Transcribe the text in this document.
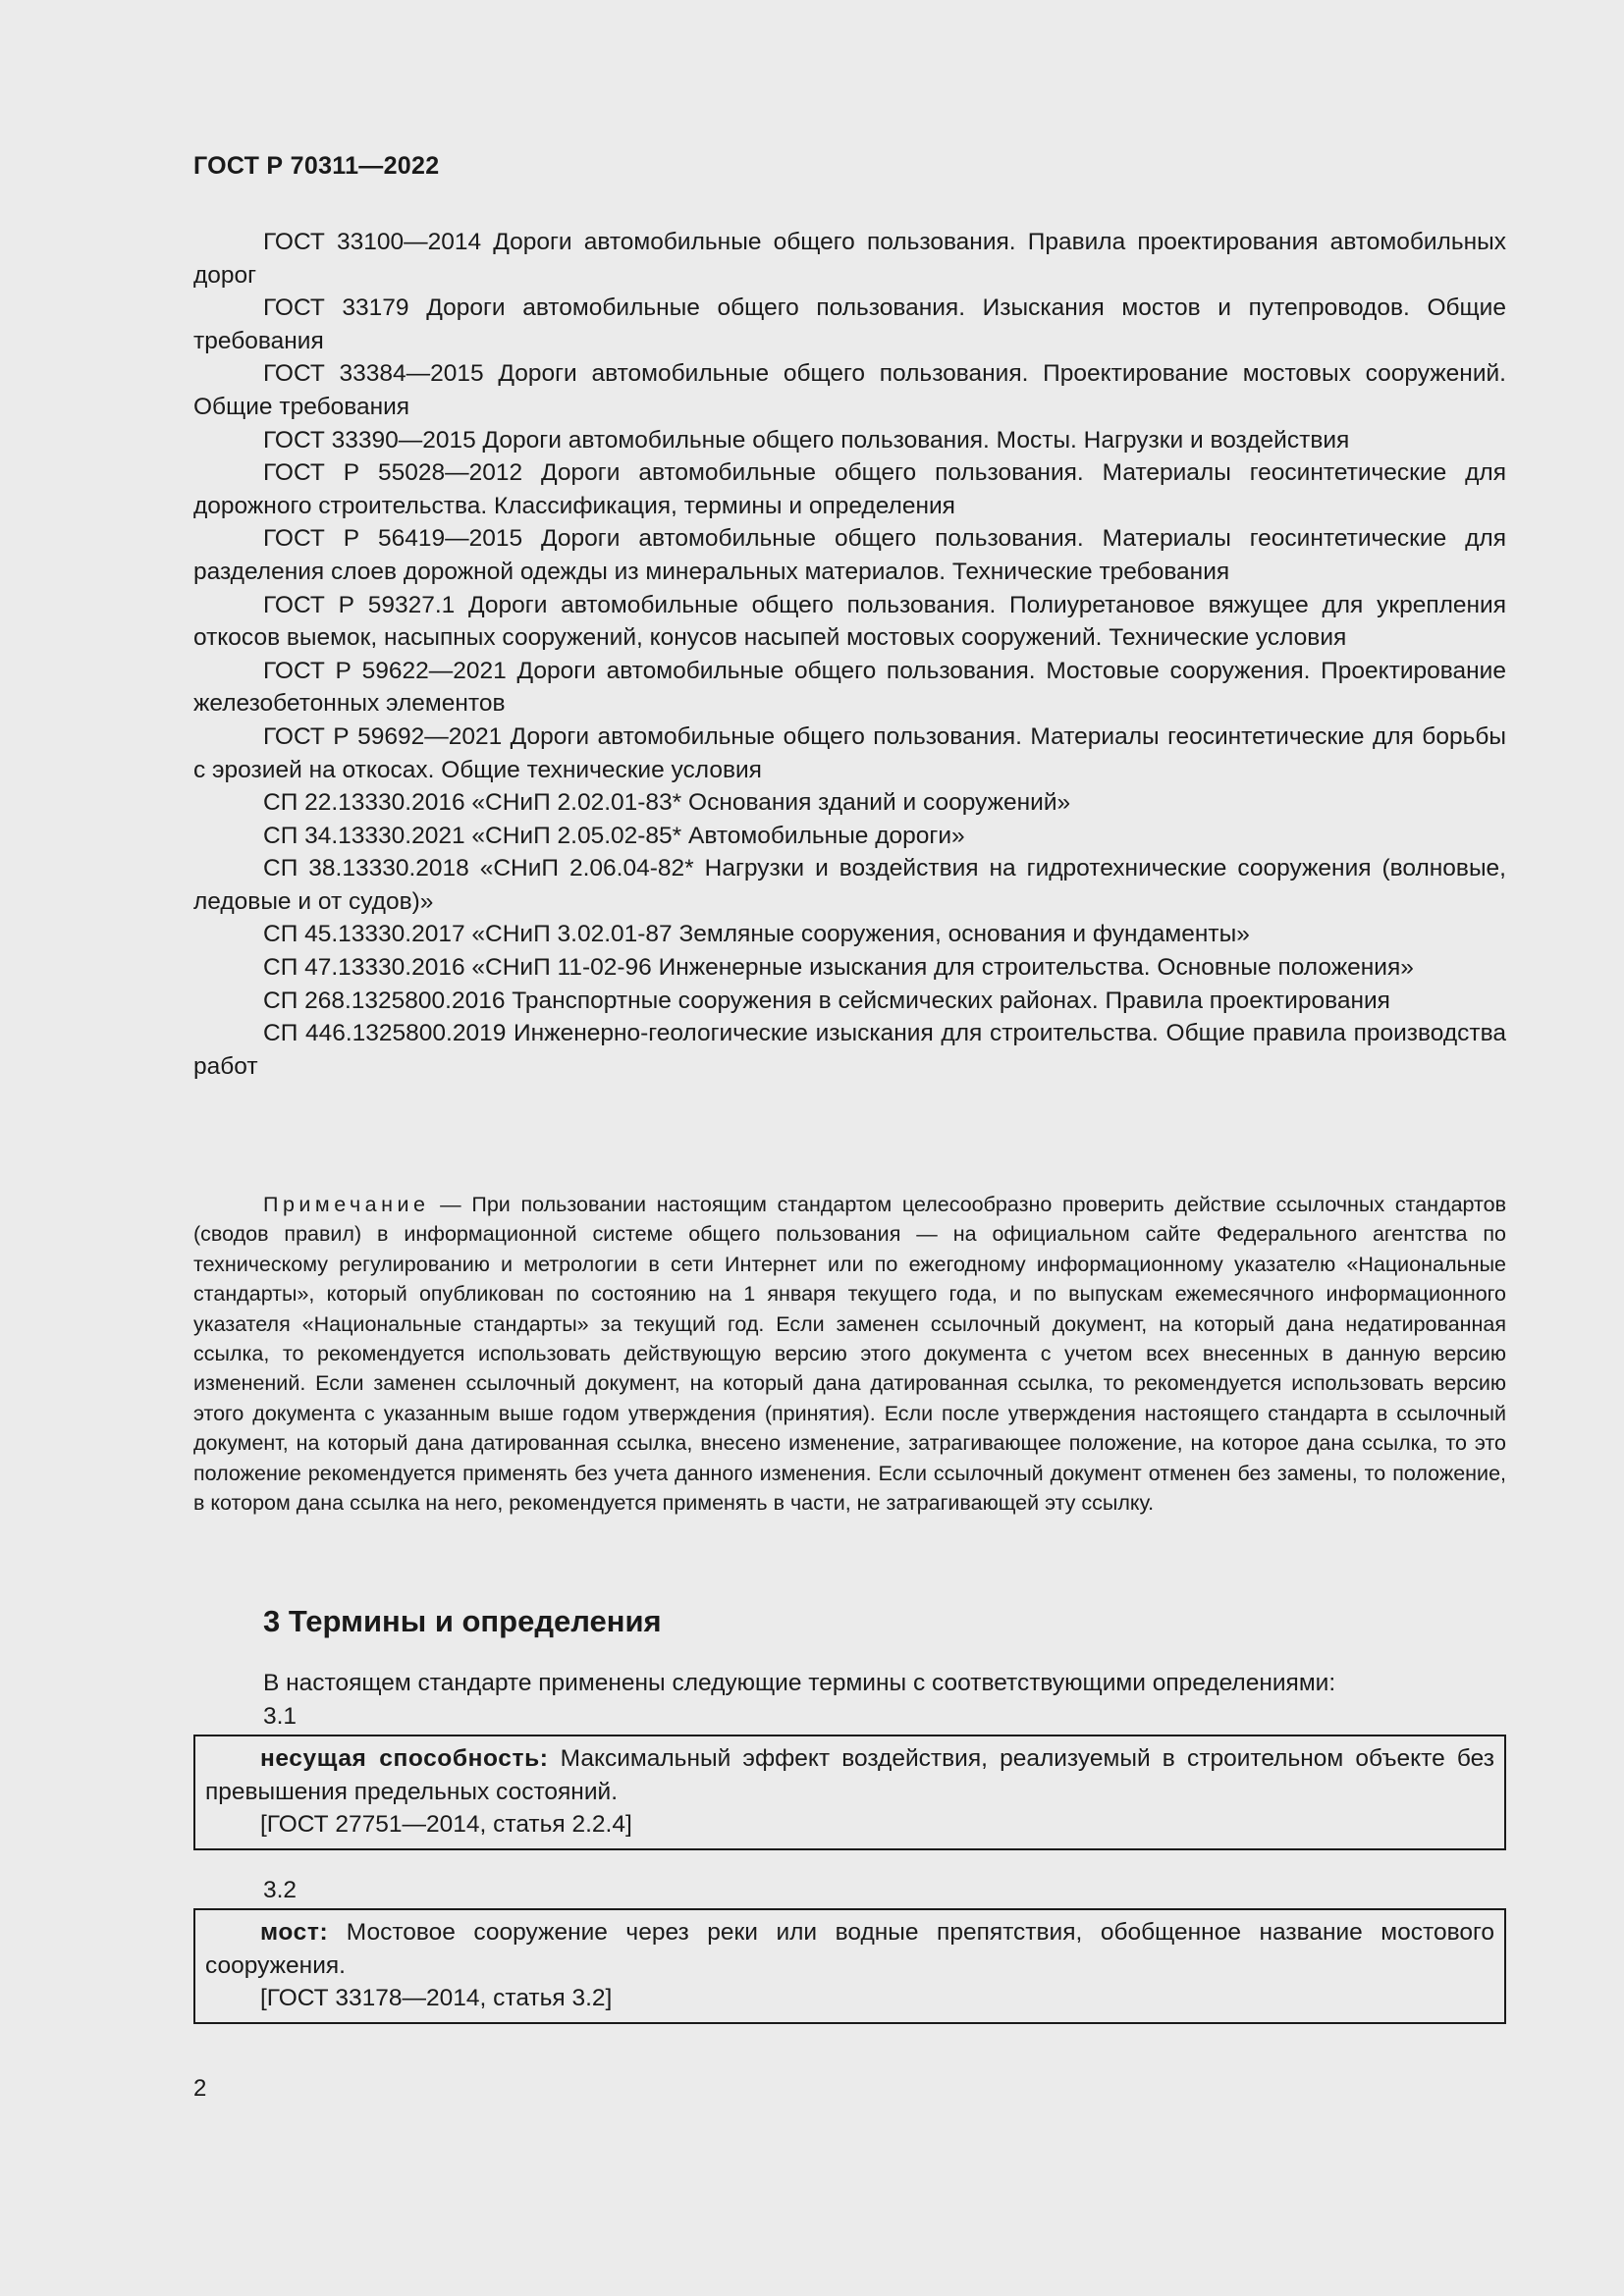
ГОСТ Р 70311—2022

ГОСТ 33100—2014 Дороги автомобильные общего пользования. Правила проектирования автомобильных дорог

ГОСТ 33179 Дороги автомобильные общего пользования. Изыскания мостов и путепроводов. Общие требования

ГОСТ 33384—2015 Дороги автомобильные общего пользования. Проектирование мостовых сооружений. Общие требования

ГОСТ 33390—2015 Дороги автомобильные общего пользования. Мосты. Нагрузки и воздействия

ГОСТ Р 55028—2012 Дороги автомобильные общего пользования. Материалы геосинтетические для дорожного строительства. Классификация, термины и определения

ГОСТ Р 56419—2015 Дороги автомобильные общего пользования. Материалы геосинтетические для разделения слоев дорожной одежды из минеральных материалов. Технические требования

ГОСТ Р 59327.1 Дороги автомобильные общего пользования. Полиуретановое вяжущее для укрепления откосов выемок, насыпных сооружений, конусов насыпей мостовых сооружений. Технические условия

ГОСТ Р 59622—2021 Дороги автомобильные общего пользования. Мостовые сооружения. Проектирование железобетонных элементов

ГОСТ Р 59692—2021 Дороги автомобильные общего пользования. Материалы геосинтетические для борьбы с эрозией на откосах. Общие технические условия

СП 22.13330.2016 «СНиП 2.02.01-83* Основания зданий и сооружений»

СП 34.13330.2021 «СНиП 2.05.02-85* Автомобильные дороги»

СП 38.13330.2018 «СНиП 2.06.04-82* Нагрузки и воздействия на гидротехнические сооружения (волновые, ледовые и от судов)»

СП 45.13330.2017 «СНиП 3.02.01-87 Земляные сооружения, основания и фундаменты»

СП 47.13330.2016 «СНиП 11-02-96 Инженерные изыскания для строительства. Основные положения»

СП 268.1325800.2016 Транспортные сооружения в сейсмических районах. Правила проектирования

СП 446.1325800.2019 Инженерно-геологические изыскания для строительства. Общие правила производства работ

Примечание — При пользовании настоящим стандартом целесообразно проверить действие ссылочных стандартов (сводов правил) в информационной системе общего пользования — на официальном сайте Федерального агентства по техническому регулированию и метрологии в сети Интернет или по ежегодному информационному указателю «Национальные стандарты», который опубликован по состоянию на 1 января текущего года, и по выпускам ежемесячного информационного указателя «Национальные стандарты» за текущий год. Если заменен ссылочный документ, на который дана недатированная ссылка, то рекомендуется использовать действующую версию этого документа с учетом всех внесенных в данную версию изменений. Если заменен ссылочный документ, на который дана датированная ссылка, то рекомендуется использовать версию этого документа с указанным выше годом утверждения (принятия). Если после утверждения настоящего стандарта в ссылочный документ, на который дана датированная ссылка, внесено изменение, затрагивающее положение, на которое дана ссылка, то это положение рекомендуется применять без учета данного изменения. Если ссылочный документ отменен без замены, то положение, в котором дана ссылка на него, рекомендуется применять в части, не затрагивающей эту ссылку.

3 Термины и определения

В настоящем стандарте применены следующие термины с соответствующими определениями:

3.1

несущая способность: Максимальный эффект воздействия, реализуемый в строительном объекте без превышения предельных состояний.

[ГОСТ 27751—2014, статья 2.2.4]

3.2

мост: Мостовое сооружение через реки или водные препятствия, обобщенное название мостового сооружения.

[ГОСТ 33178—2014, статья 3.2]

2
